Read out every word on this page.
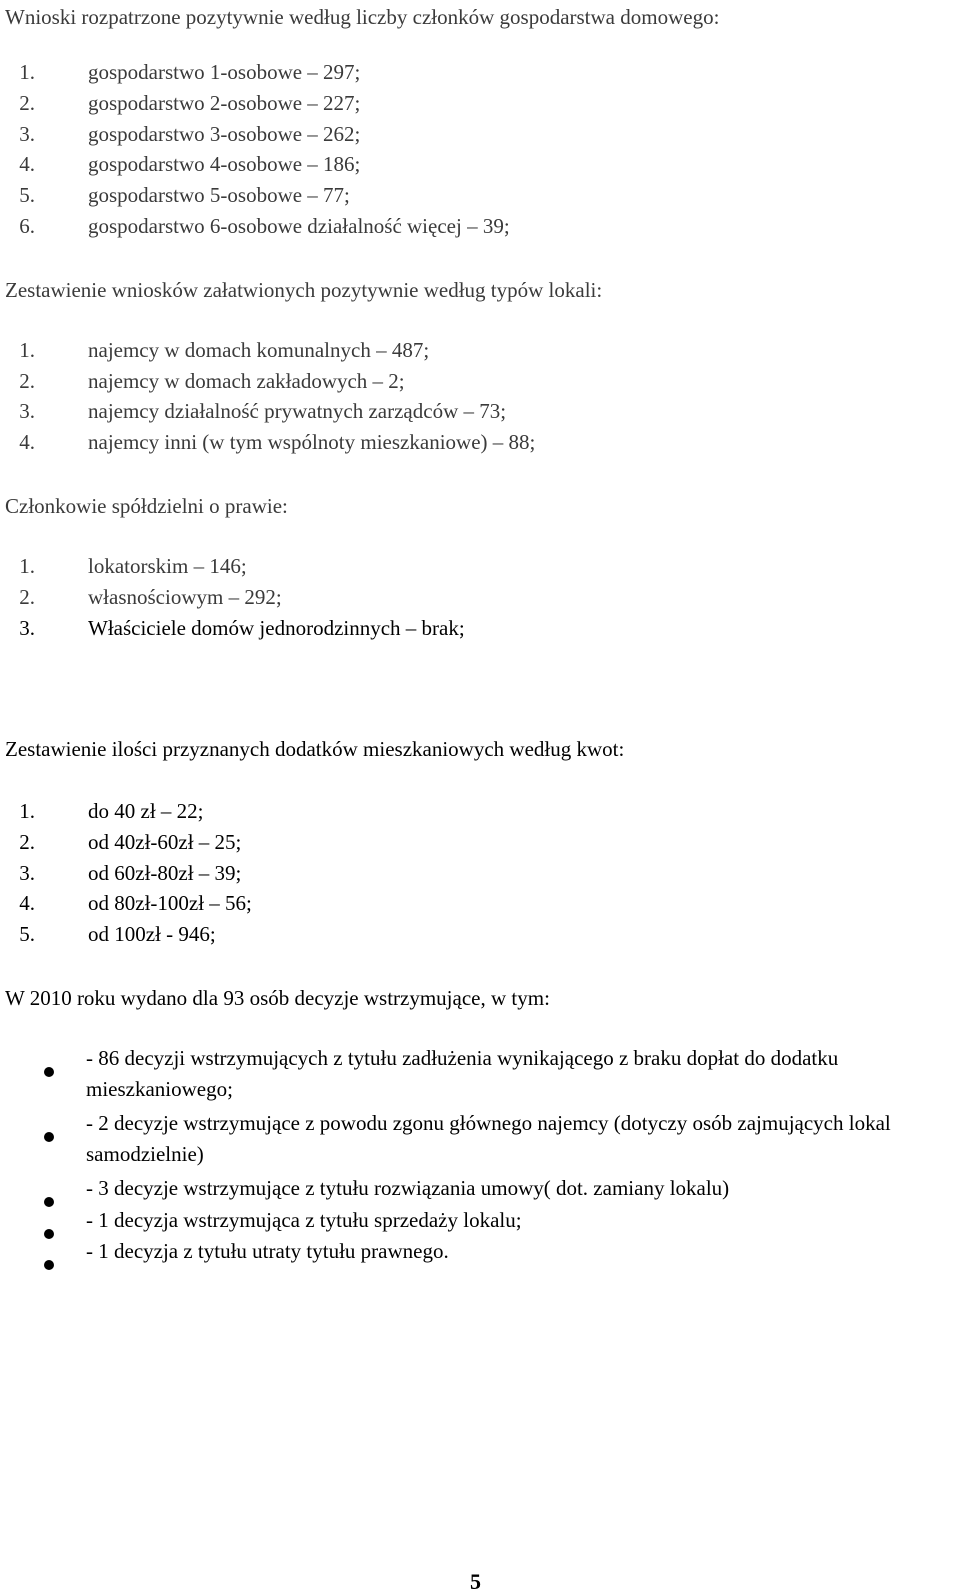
Wnioski rozpatrzone pozytywnie według liczby członków gospodarstwa domowego:
1.	gospodarstwo 1-osobowe – 297;
2.	gospodarstwo 2-osobowe – 227;
3.	gospodarstwo 3-osobowe – 262;
4.	gospodarstwo 4-osobowe – 186;
5.	gospodarstwo 5-osobowe – 77;
6.	gospodarstwo 6-osobowe działalność więcej – 39;
Zestawienie wniosków załatwionych pozytywnie według typów lokali:
1.	najemcy w domach komunalnych – 487;
2.	najemcy w domach zakładowych – 2;
3.	najemcy działalność prywatnych zarządców – 73;
4.	najemcy inni (w tym wspólnoty mieszkaniowe) – 88;
Członkowie spółdzielni o prawie:
1.	lokatorskim – 146;
2.	własnościowym – 292;
3.	Właściciele domów jednorodzinnych – brak;
Zestawienie ilości przyznanych dodatków mieszkaniowych według kwot:
1.	do 40 zł – 22;
2.	od 40zł-60zł – 25;
3.	od 60zł-80zł – 39;
4.	od 80zł-100zł – 56;
5.	od 100zł - 946;
W 2010 roku wydano dla 93 osób decyzje wstrzymujące, w tym:
- 86 decyzji wstrzymujących z tytułu zadłużenia wynikającego z braku dopłat do dodatku mieszkaniowego;
- 2 decyzje wstrzymujące z powodu zgonu głównego najemcy (dotyczy osób zajmujących lokal samodzielnie)
- 3 decyzje wstrzymujące z tytułu rozwiązania umowy( dot. zamiany lokalu)
- 1 decyzja wstrzymująca z tytułu sprzedaży lokalu;
- 1 decyzja z tytułu utraty tytułu prawnego.
5
